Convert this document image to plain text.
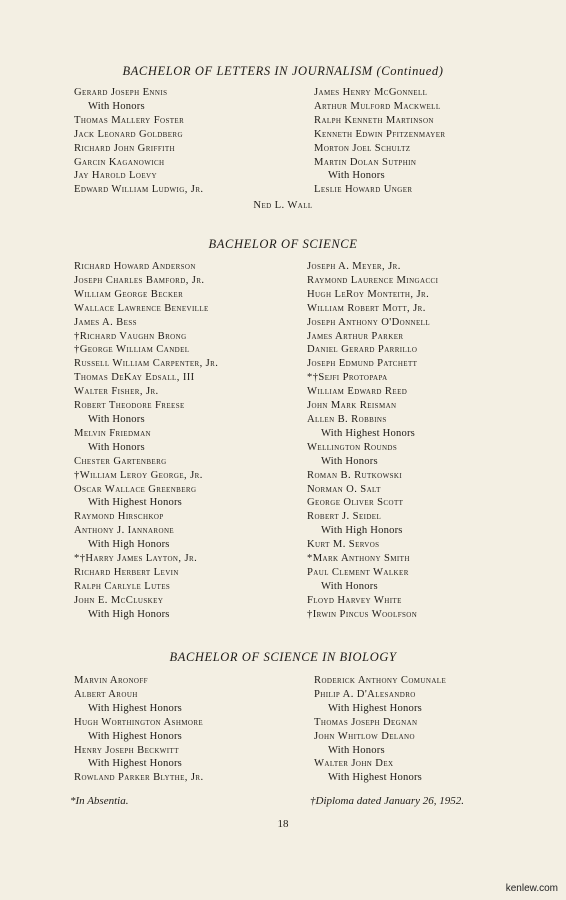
BACHELOR OF LETTERS IN JOURNALISM (Continued)
Gerard Joseph Ennis
With Honors
Thomas Mallery Foster
Jack Leonard Goldberg
Richard John Griffith
Garcin Kaganowich
Jay Harold Loevy
Edward William Ludwig, Jr.
James Henry McGonnell
Arthur Mulford Mackwell
Ralph Kenneth Martinson
Kenneth Edwin Pfitzenmayer
Morton Joel Schultz
Martin Dolan Sutphin
With Honors
Leslie Howard Unger
Ned L. Wall
BACHELOR OF SCIENCE
Richard Howard Anderson
Joseph Charles Bamford, Jr.
William George Becker
Wallace Lawrence Beneville
James A. Bess
†Richard Vaughn Brong
†George William Candel
Russell William Carpenter, Jr.
Thomas DeKay Edsall, III
Walter Fisher, Jr.
Robert Theodore Freese
With Honors
Melvin Friedman
With Honors
Chester Gartenberg
†William Leroy George, Jr.
Oscar Wallace Greenberg
With Highest Honors
Raymond Hirschkop
Anthony J. Iannarone
With High Honors
*†Harry James Layton, Jr.
Richard Herbert Levin
Ralph Carlyle Lutes
John E. McCluskey
With High Honors
Joseph A. Meyer, Jr.
Raymond Laurence Mingacci
Hugh LeRoy Monteith, Jr.
William Robert Mott, Jr.
Joseph Anthony O'Donnell
James Arthur Parker
Daniel Gerard Parrillo
Joseph Edmund Patchett
*†Sejfi Protopapa
William Edward Reed
John Mark Reisman
Allen B. Robbins
With Highest Honors
Wellington Rounds
With Honors
Roman B. Rutkowski
Norman O. Salt
George Oliver Scott
Robert J. Seidel
With High Honors
Kurt M. Servos
*Mark Anthony Smith
Paul Clement Walker
With Honors
Floyd Harvey White
†Irwin Pincus Woolfson
BACHELOR OF SCIENCE IN BIOLOGY
Marvin Aronoff
Albert Arouh
With Highest Honors
Hugh Worthington Ashmore
With Highest Honors
Henry Joseph Beckwitt
With Highest Honors
Rowland Parker Blythe, Jr.
Roderick Anthony Comunale
Philip A. D'Alesandro
With Highest Honors
Thomas Joseph Degnan
John Whitlow Delano
With Honors
Walter John Dex
With Highest Honors
*In Absentia.	†Diploma dated January 26, 1952.
18
kenlew.com
